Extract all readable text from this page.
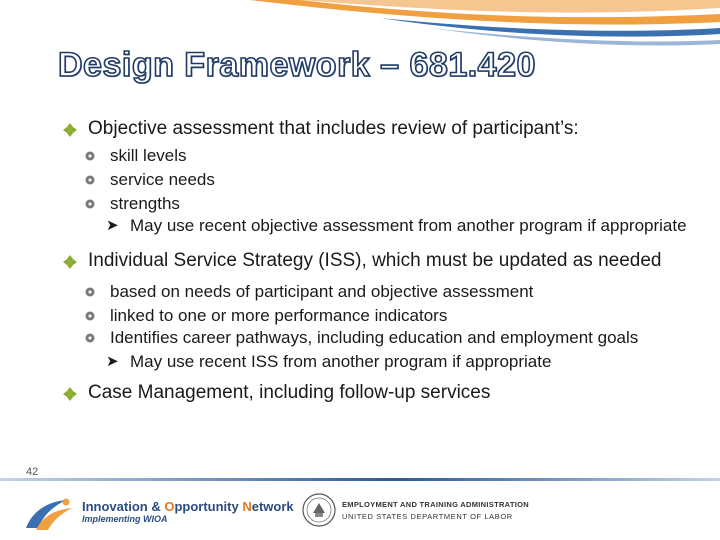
Design Framework – 681.420
Objective assessment that includes review of participant’s:
skill levels
service needs
strengths
➤ May use recent objective assessment from another program if appropriate
Individual Service Strategy (ISS), which must be updated as needed
based on needs of participant and objective assessment
linked to one or more performance indicators
Identifies career pathways, including education and employment goals
➤ May use recent ISS from another program if appropriate
Case Management, including follow-up services
42
Innovation & Opportunity Network
Implementing WIOA
EMPLOYMENT AND TRAINING ADMINISTRATION
UNITED STATES DEPARTMENT OF LABOR
